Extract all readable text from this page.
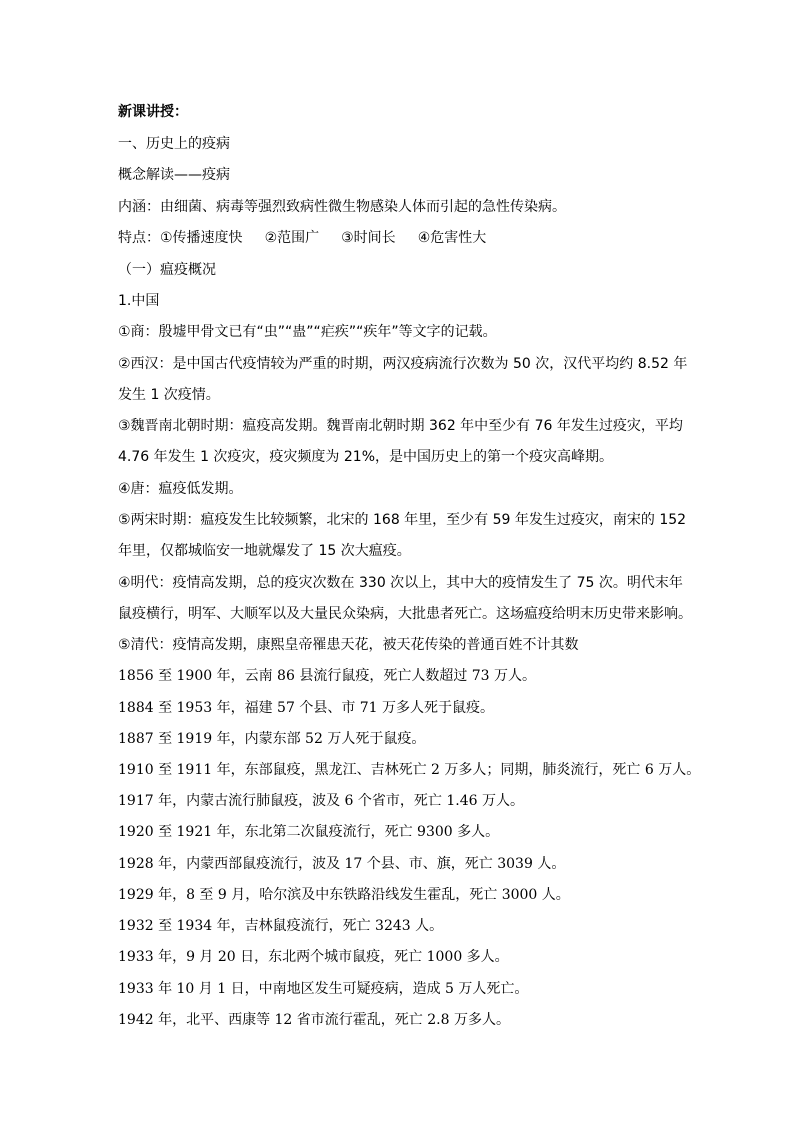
新课讲授：
一、历史上的疫病
概念解读——疫病
内涵：由细菌、病毒等强烈致病性微生物感染人体而引起的急性传染病。
特点：①传播速度快 ②范围广 ③时间长 ④危害性大
（一）瘟疫概况
1.中国
①商：殷墟甲骨文已有“虫”“蛊”“疟疾”“疾年”等文字的记载。
②西汉：是中国古代疫情较为严重的时期，两汉疫病流行次数为 50 次，汉代平均约 8.52 年
发生 1 次疫情。
③魏晋南北朝时期：瘟疫高发期。魏晋南北朝时期 362 年中至少有 76 年发生过疫灾，平均
4.76 年发生 1 次疫灾，疫灾频度为 21%，是中国历史上的第一个疫灾高峰期。
④唐：瘟疫低发期。
⑤两宋时期：瘟疫发生比较频繁，北宋的 168 年里，至少有 59 年发生过疫灾，南宋的 152
年里，仅都城临安一地就爆发了 15 次大瘟疫。
④明代：疫情高发期，总的疫灾次数在 330 次以上，其中大的疫情发生了 75 次。明代末年
鼠疫横行，明军、大顺军以及大量民众染病，大批患者死亡。这场瘟疫给明末历史带来影响。
⑤清代：疫情高发期，康熙皇帝罹患天花，被天花传染的普通百姓不计其数
1856 至 1900 年，云南 86 县流行鼠疫，死亡人数超过 73 万人。
1884 至 1953 年，福建 57 个县、市 71 万多人死于鼠疫。
1887 至 1919 年，内蒙东部 52 万人死于鼠疫。
1910 至 1911 年，东部鼠疫，黑龙江、吉林死亡 2 万多人；同期，肺炎流行，死亡 6 万人。
1917 年，内蒙古流行肺鼠疫，波及 6 个省市，死亡 1.46 万人。
1920 至 1921 年，东北第二次鼠疫流行，死亡 9300 多人。
1928 年，内蒙西部鼠疫流行，波及 17 个县、市、旗，死亡 3039 人。
1929 年，8 至 9 月，哈尔滨及中东铁路沿线发生霍乱，死亡 3000 人。
1932 至 1934 年，吉林鼠疫流行，死亡 3243 人。
1933 年，9 月 20 日，东北两个城市鼠疫，死亡 1000 多人。
1933 年 10 月 1 日，中南地区发生可疑疫病，造成 5 万人死亡。
1942 年，北平、西康等 12 省市流行霍乱，死亡 2.8 万多人。
